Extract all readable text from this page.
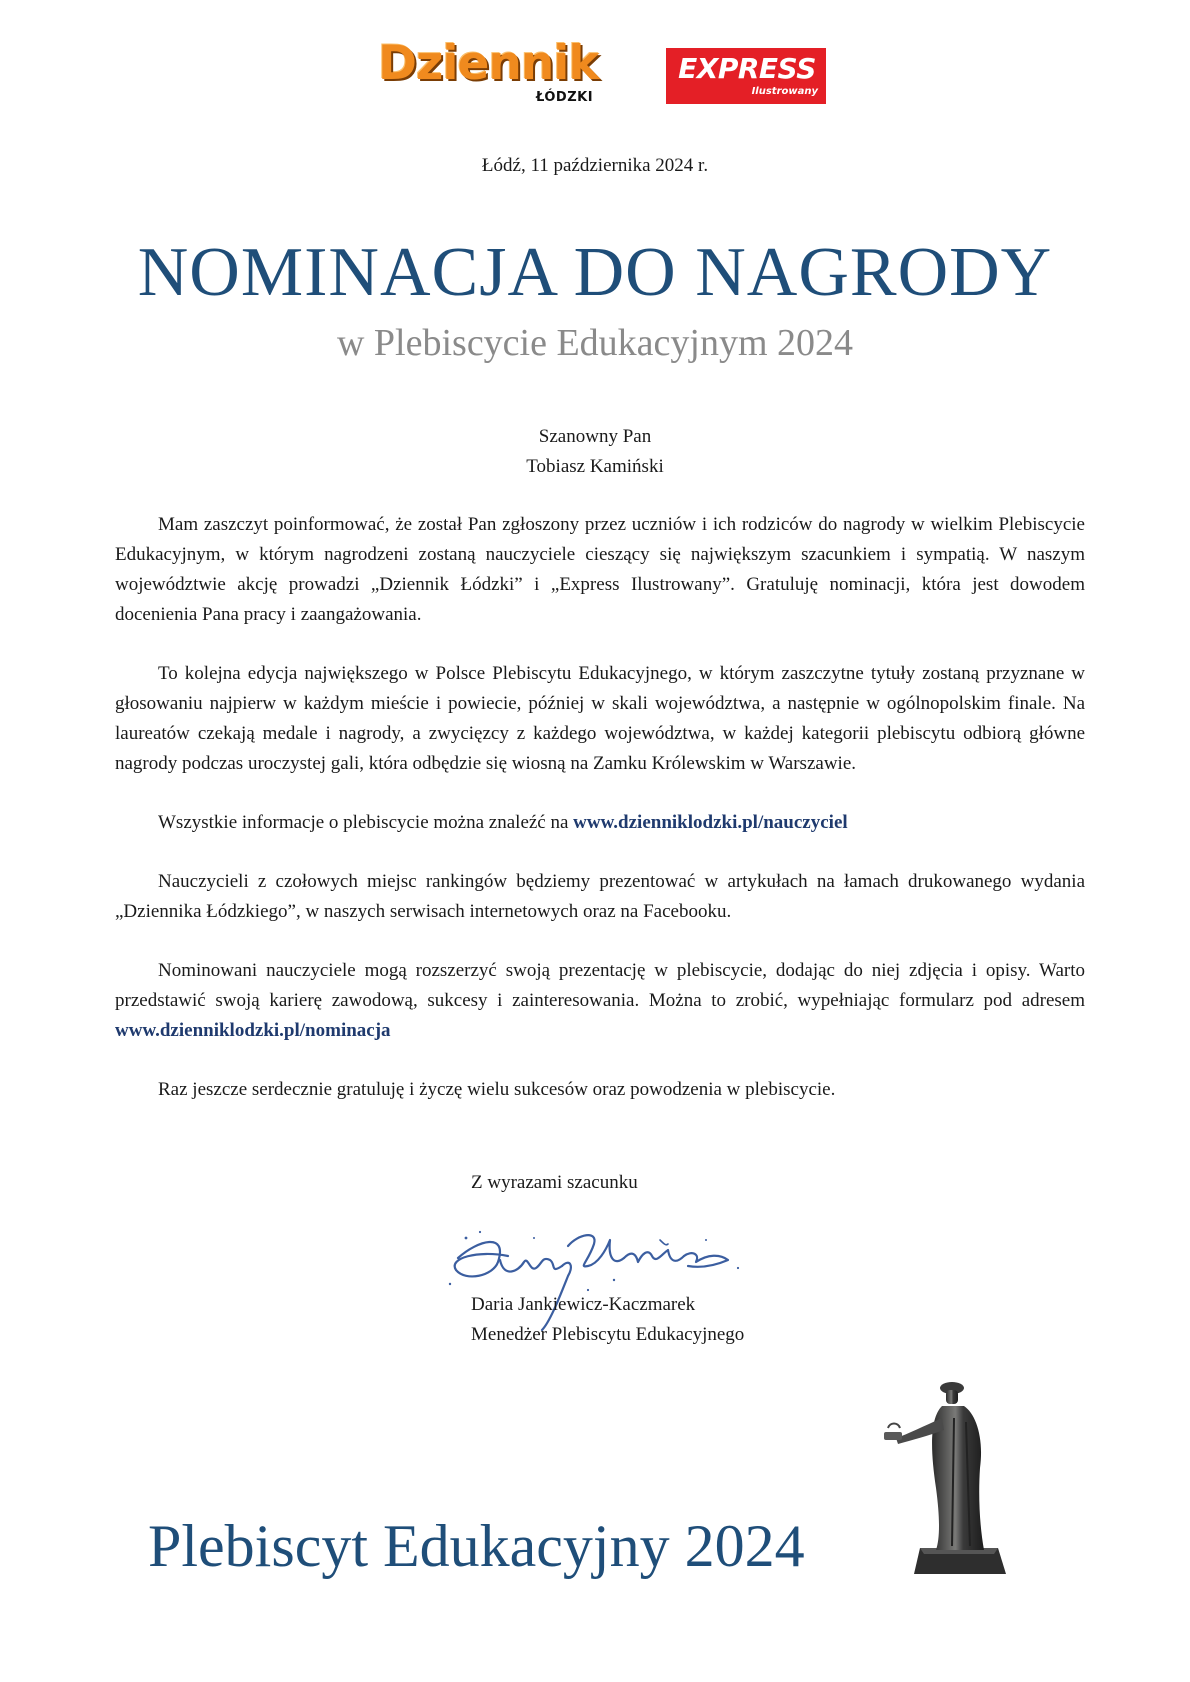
Dziennik
ŁÓDZKI
EXPRESS
Ilustrowany
Łódź, 11 października 2024 r.
NOMINACJA DO NAGRODY
w Plebiscycie Edukacyjnym 2024
Szanowny Pan
Tobiasz Kamiński

Mam zaszczyt poinformować, że został Pan zgłoszony przez uczniów i ich rodziców do nagrody w wielkim Plebiscycie Edukacyjnym, w którym nagrodzeni zostaną nauczyciele cieszący się największym szacunkiem i sympatią. W naszym województwie akcję prowadzi „Dziennik Łódzki” i „Express Ilustrowany”. Gratuluję nominacji, która jest dowodem docenienia Pana pracy i zaangażowania.

To kolejna edycja największego w Polsce Plebiscytu Edukacyjnego, w którym zaszczytne tytuły zostaną przyznane w głosowaniu najpierw w każdym mieście i powiecie, później w skali województwa, a następnie w ogólnopolskim finale. Na laureatów czekają medale i nagrody, a zwycięzcy z każdego województwa, w każdej kategorii plebiscytu odbiorą główne nagrody podczas uroczystej gali, która odbędzie się wiosną na Zamku Królewskim w Warszawie.

Wszystkie informacje o plebiscycie można znaleźć na www.dzienniklodzki.pl/nauczyciel

Nauczycieli z czołowych miejsc rankingów będziemy prezentować w artykułach na łamach drukowanego wydania „Dziennika Łódzkiego”, w naszych serwisach internetowych oraz na Facebooku.

Nominowani nauczyciele mogą rozszerzyć swoją prezentację w plebiscycie, dodając do niej zdjęcia i opisy. Warto przedstawić swoją karierę zawodową, sukcesy i zainteresowania. Można to zrobić, wypełniając formularz pod adresem www.dzienniklodzki.pl/nominacja

Raz jeszcze serdecznie gratuluję i życzę wielu sukcesów oraz powodzenia w plebiscycie.

Z wyrazami szacunku
Daria Jankiewicz-Kaczmarek
Menedżer Plebiscytu Edukacyjnego
Plebiscyt Edukacyjny 2024
